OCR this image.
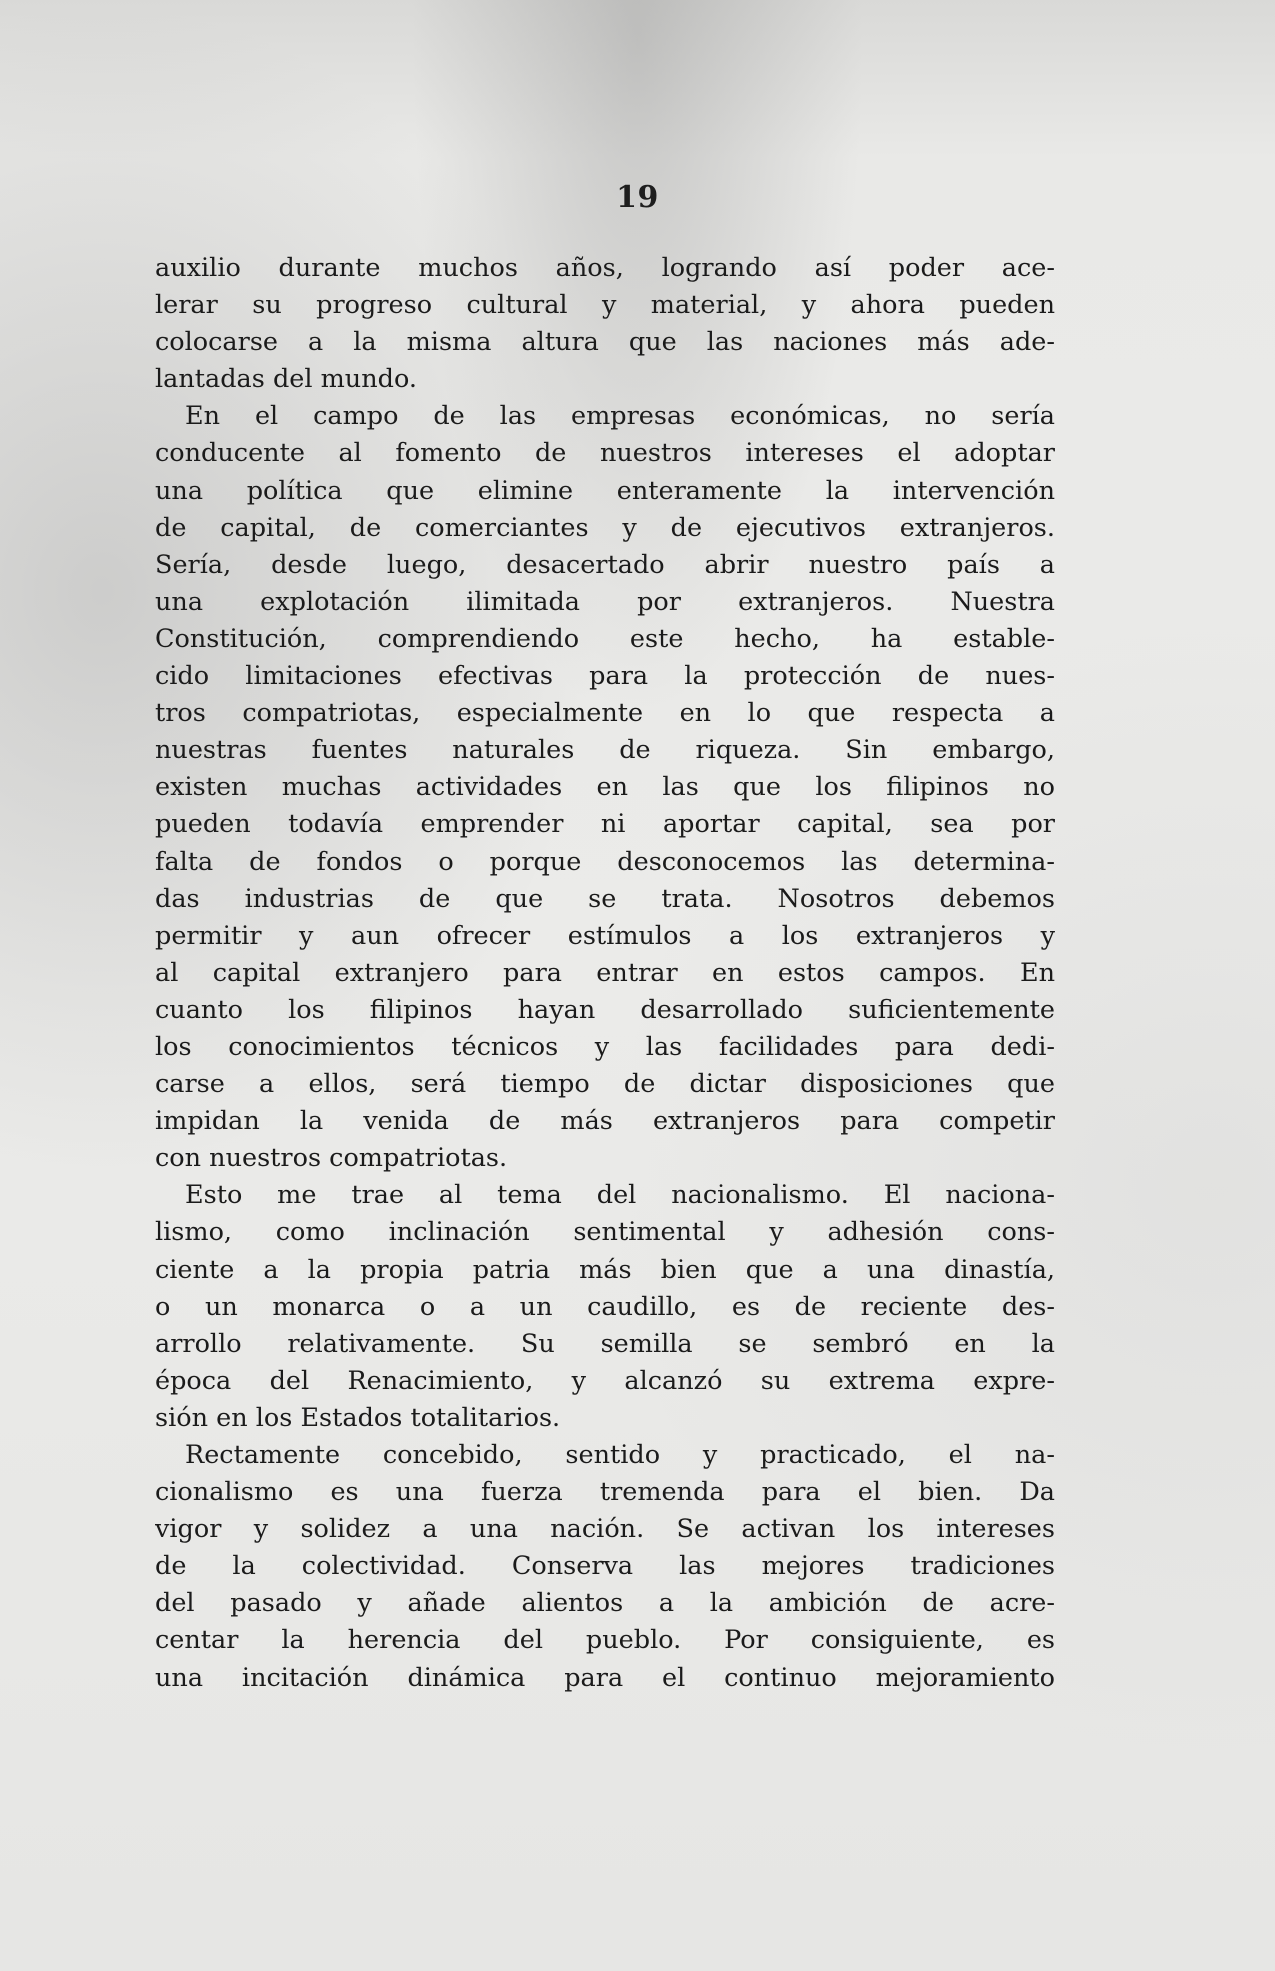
19
auxilio durante muchos años, logrando así poder ace-
lerar su progreso cultural y material, y ahora pueden
colocarse a la misma altura que las naciones más ade-
lantadas del mundo.
En el campo de las empresas económicas, no sería
conducente al fomento de nuestros intereses el adoptar
una política que elimine enteramente la intervención
de capital, de comerciantes y de ejecutivos extranjeros.
Sería, desde luego, desacertado abrir nuestro país a
una explotación ilimitada por extranjeros. Nuestra
Constitución, comprendiendo este hecho, ha estable-
cido limitaciones efectivas para la protección de nues-
tros compatriotas, especialmente en lo que respecta a
nuestras fuentes naturales de riqueza. Sin embargo,
existen muchas actividades en las que los filipinos no
pueden todavía emprender ni aportar capital, sea por
falta de fondos o porque desconocemos las determina-
das industrias de que se trata. Nosotros debemos
permitir y aun ofrecer estímulos a los extranjeros y
al capital extranjero para entrar en estos campos. En
cuanto los filipinos hayan desarrollado suficientemente
los conocimientos técnicos y las facilidades para dedi-
carse a ellos, será tiempo de dictar disposiciones que
impidan la venida de más extranjeros para competir
con nuestros compatriotas.
Esto me trae al tema del nacionalismo. El naciona-
lismo, como inclinación sentimental y adhesión cons-
ciente a la propia patria más bien que a una dinastía,
o un monarca o a un caudillo, es de reciente des-
arrollo relativamente. Su semilla se sembró en la
época del Renacimiento, y alcanzó su extrema expre-
sión en los Estados totalitarios.
Rectamente concebido, sentido y practicado, el na-
cionalismo es una fuerza tremenda para el bien. Da
vigor y solidez a una nación. Se activan los intereses
de la colectividad. Conserva las mejores tradiciones
del pasado y añade alientos a la ambición de acre-
centar la herencia del pueblo. Por consiguiente, es
una incitación dinámica para el continuo mejoramiento
